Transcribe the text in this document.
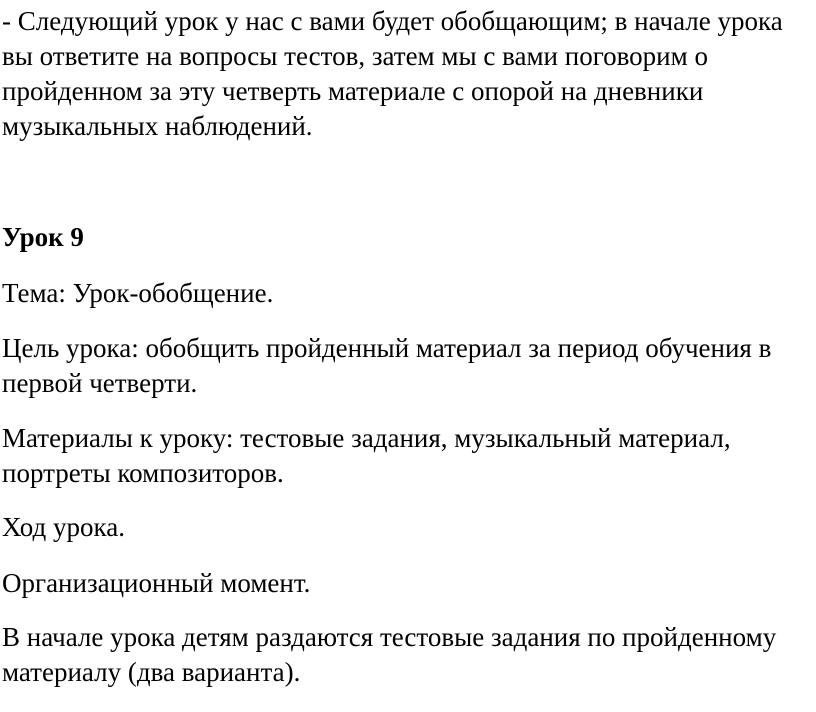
- Следующий урок у нас с вами будет обобщающим; в начале урока
вы ответите на вопросы тестов, затем мы с вами поговорим о
пройденном за эту четверть материале с опорой на дневники
музыкальных наблюдений.

Урок 9

Тема: Урок-обобщение.

Цель урока: обобщить пройденный материал за период обучения в
первой четверти.

Материалы к уроку: тестовые задания, музыкальный материал,
портреты композиторов.

Ход урока.

Организационный момент.

В начале урока детям раздаются тестовые задания по пройденному
материалу (два варианта).
